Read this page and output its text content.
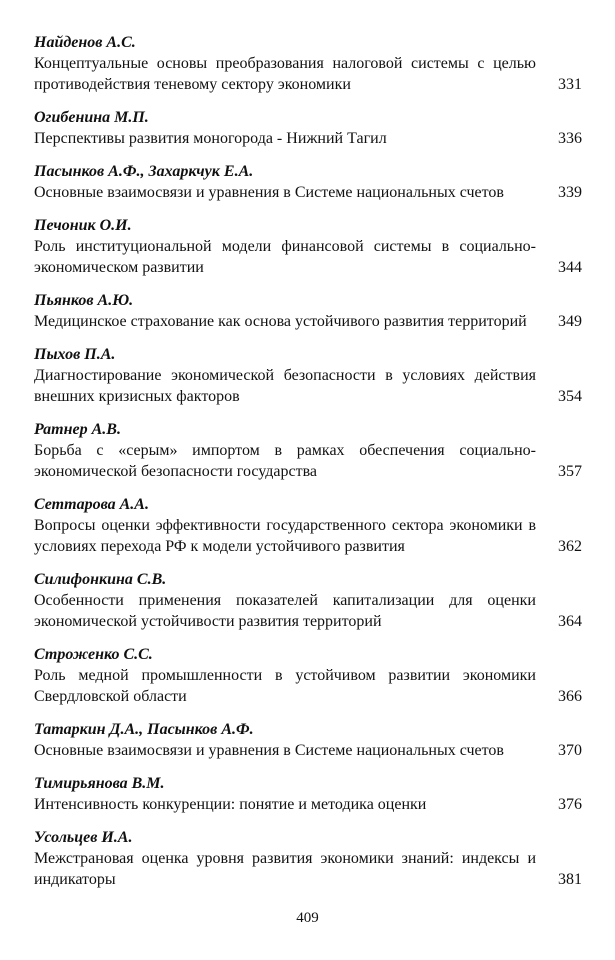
Найденов А.С.
Концептуальные основы преобразования налоговой системы с целью противодействия теневому сектору экономики	331
Огибенина М.П.
Перспективы развития моногорода - Нижний Тагил	336
Пасынков А.Ф., Захаркчук Е.А.
Основные взаимосвязи и уравнения в Системе национальных счетов	339
Печоник О.И.
Роль институциональной модели финансовой системы в социально-экономическом развитии	344
Пьянков А.Ю.
Медицинское страхование как основа устойчивого развития территорий	349
Пыхов П.А.
Диагностирование экономической безопасности в условиях действия внешних кризисных факторов	354
Ратнер А.В.
Борьба с «серым» импортом в рамках обеспечения социально-экономической безопасности государства	357
Сеттарова А.А.
Вопросы оценки эффективности государственного сектора экономики в условиях перехода РФ к модели устойчивого развития	362
Силифонкина С.В.
Особенности применения показателей капитализации для оценки экономической устойчивости развития территорий	364
Строженко С.С.
Роль медной промышленности в устойчивом развитии экономики Свердловской области	366
Татаркин Д.А., Пасынков А.Ф.
Основные взаимосвязи и уравнения в Системе национальных счетов	370
Тимирьянова В.М.
Интенсивность конкуренции: понятие и методика оценки	376
Усольцев И.А.
Межстрановая оценка уровня развития экономики знаний: индексы и индикаторы	381
409
